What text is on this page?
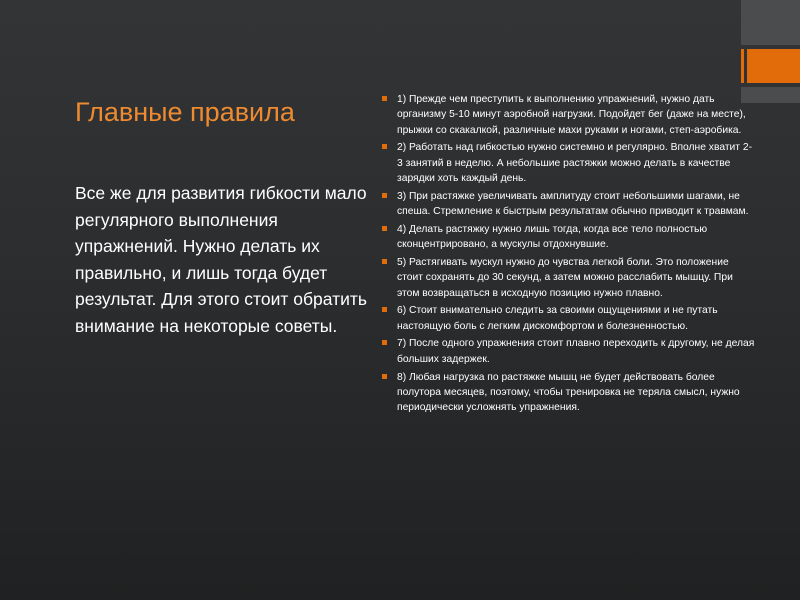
Главные правила
Все же для развития гибкости мало регулярного выполнения упражнений. Нужно делать их правильно, и лишь тогда будет результат. Для этого стоит обратить внимание на некоторые советы.
1) Прежде чем преступить к выполнению упражнений, нужно дать организму 5-10 минут аэробной нагрузки. Подойдет бег (даже на месте), прыжки со скакалкой, различные махи руками и ногами, степ-аэробика.
2) Работать над гибкостью нужно системно и регулярно. Вполне хватит 2-3 занятий в неделю. А небольшие растяжки можно делать в качестве зарядки хоть каждый день.
3) При растяжке увеличивать амплитуду стоит небольшими шагами, не спеша. Стремление к быстрым результатам обычно приводит к травмам.
4) Делать растяжку нужно лишь тогда, когда все тело полностью сконцентрировано, а мускулы отдохнувшие.
5) Растягивать мускул нужно до чувства легкой боли. Это положение стоит сохранять до 30 секунд, а затем можно расслабить мышцу. При этом возвращаться в исходную позицию нужно плавно.
6) Стоит внимательно следить за своими ощущениями и не путать настоящую боль с легким дискомфортом и болезненностью.
7) После одного упражнения стоит плавно переходить к другому, не делая больших задержек.
8) Любая нагрузка по растяжке мышц не будет действовать более полутора месяцев, поэтому, чтобы тренировка не теряла смысл, нужно периодически усложнять упражнения.
